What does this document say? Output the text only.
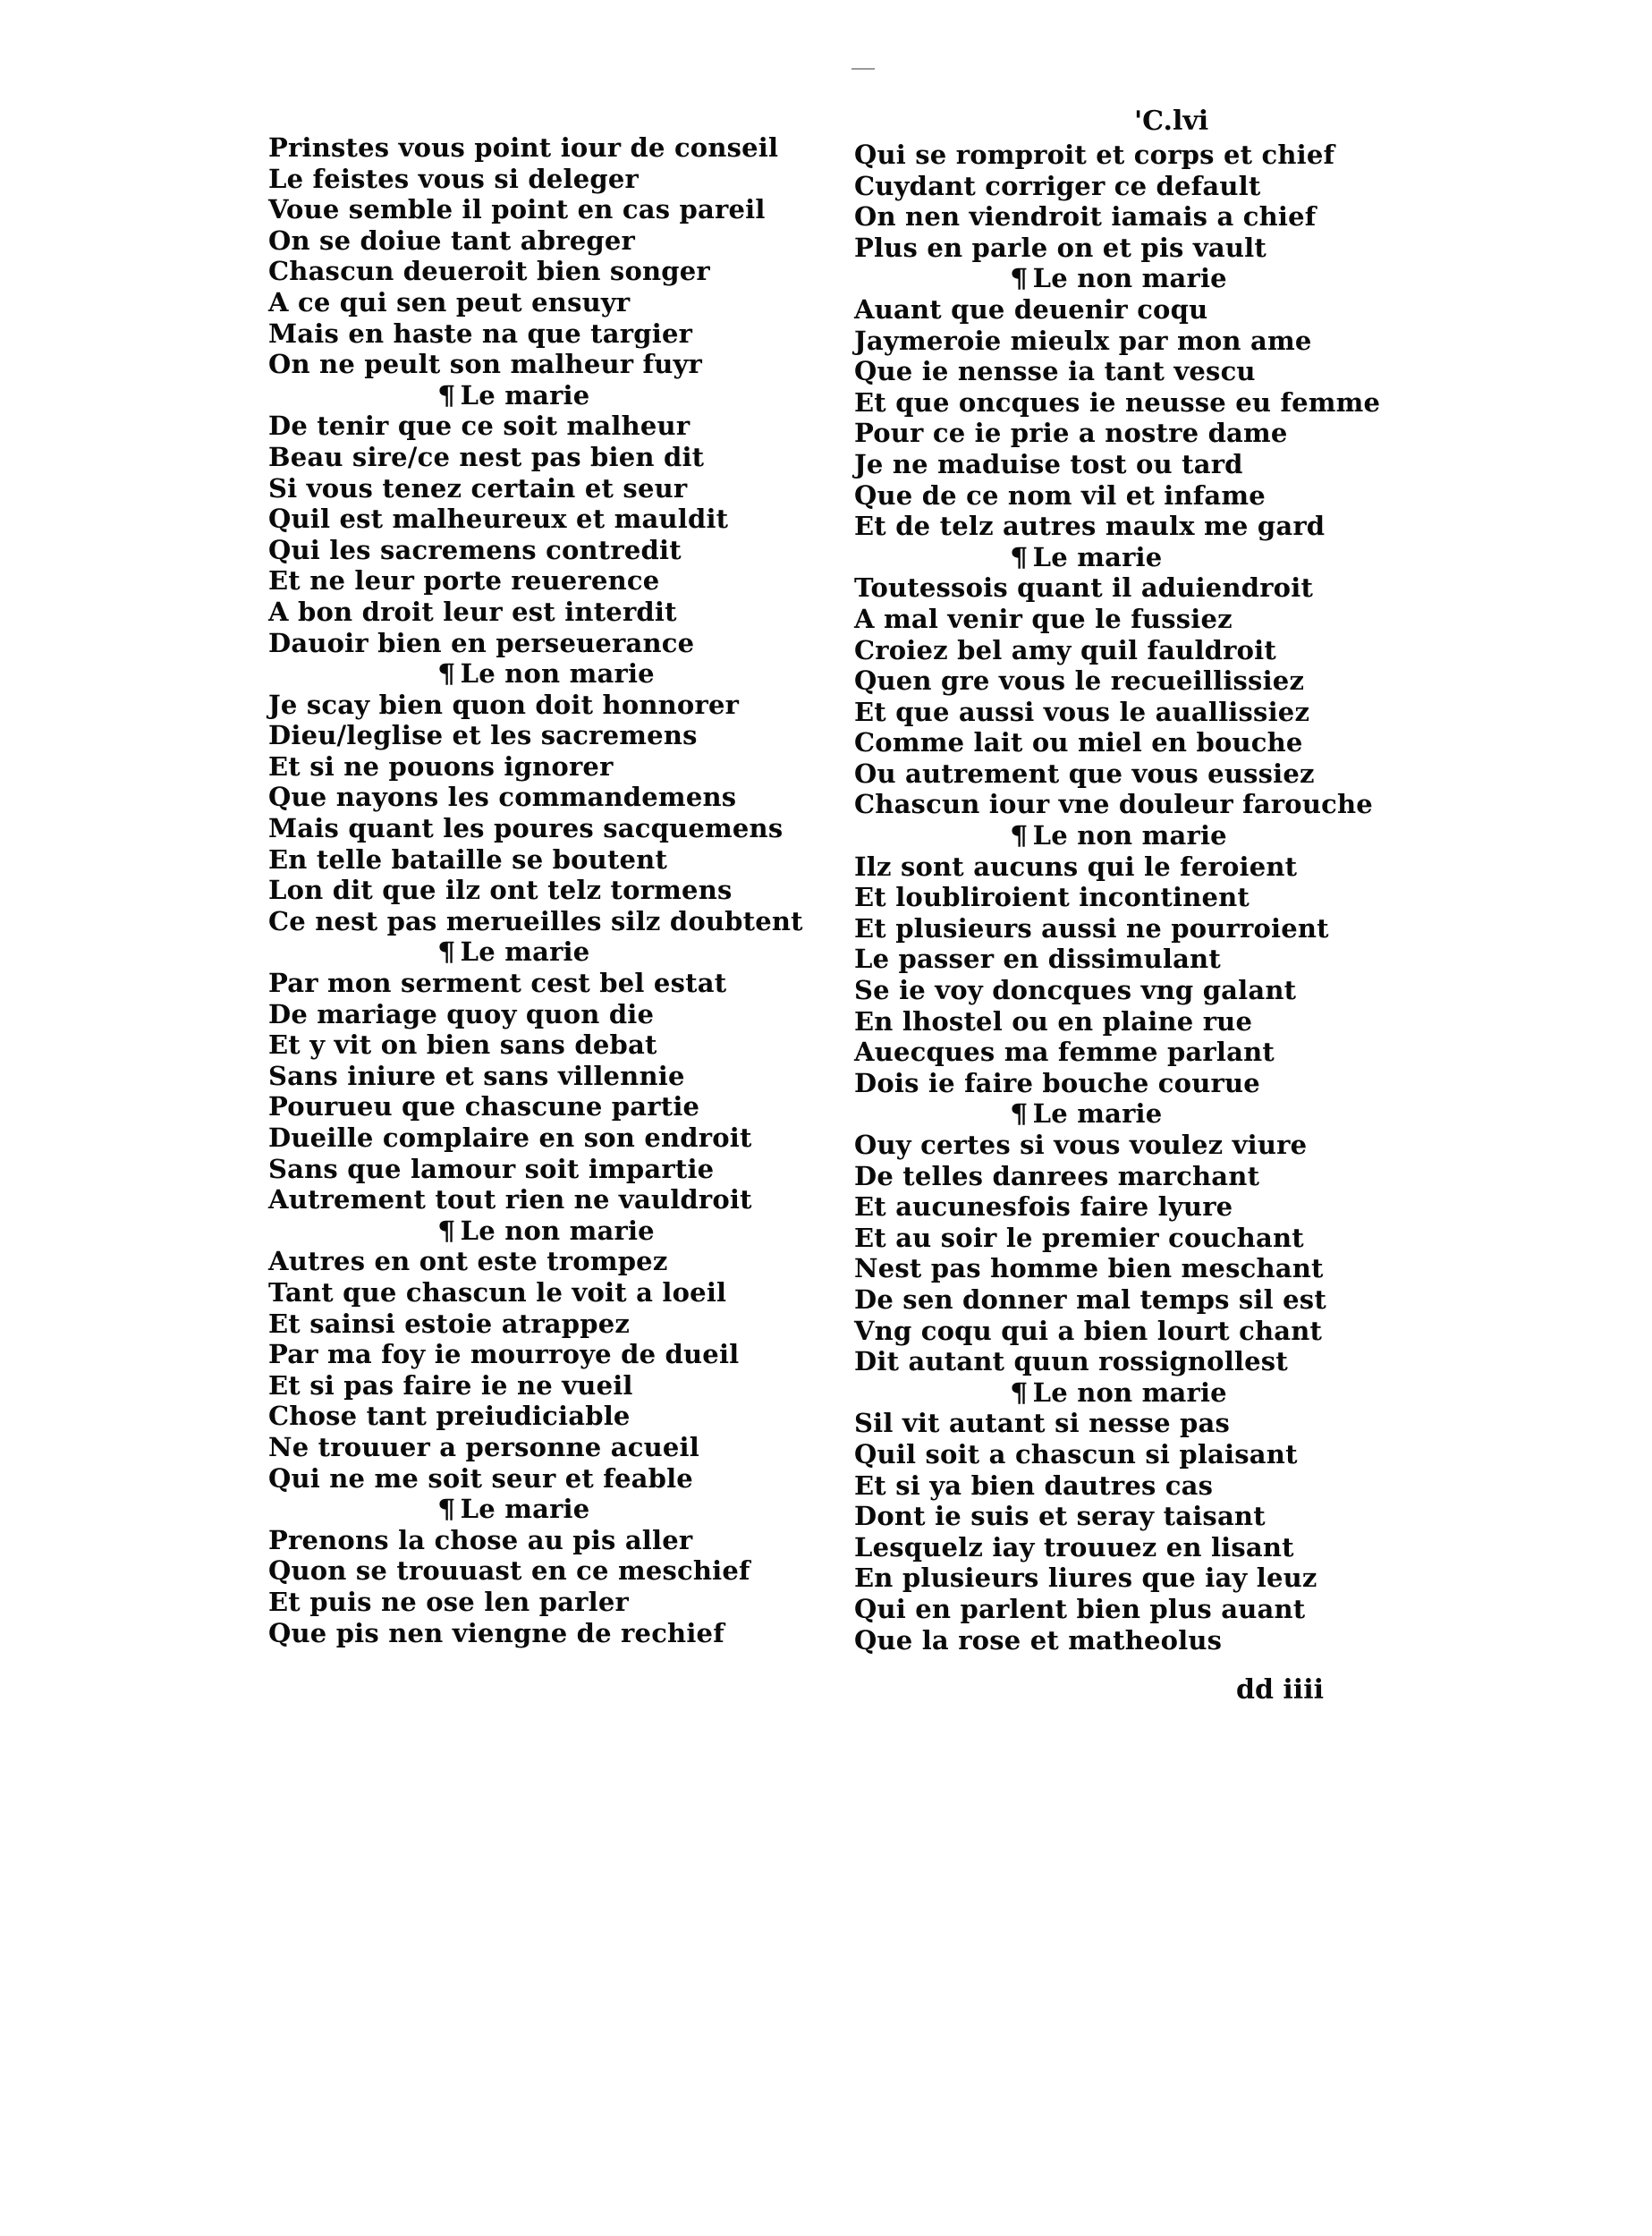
'C.lvi
Prinstes vous point iour de conseil
Le feistes vous si deleger
Voue semble il point en cas pareil
On se doiue tant abreger
Chascun deueroit bien songer
A ce qui sen peut ensuyr
Mais en haste na que targier
On ne peult son malheur fuyr
¶ Le marie
De tenir que ce soit malheur
Beau sire/ce nest pas bien dit
Si vous tenez certain et seur
Quil est malheureux et mauldit
Qui les sacremens contredit
Et ne leur porte reuerence
A bon droit leur est interdit
Dauoir bien en perseuerance
¶ Le non marie
Je scay bien quon doit honnorer
Dieu/leglise et les sacremens
Et si ne pouons ignorer
Que nayons les commandemens
Mais quant les poures sacquemens
En telle bataille se boutent
Lon dit que ilz ont telz tormens
Ce nest pas merueilles silz doubtent
¶ Le marie
Par mon serment cest bel estat
De mariage quoy quon die
Et y vit on bien sans debat
Sans iniure et sans villennie
Pourueu que chascune partie
Dueille complaire en son endroit
Sans que lamour soit impartie
Autrement tout rien ne vauldroit
¶ Le non marie
Autres en ont este trompez
Tant que chascun le voit a loeil
Et sainsi estoie atrappez
Par ma foy ie mourroye de dueil
Et si pas faire ie ne vueil
Chose tant preiudiciable
Ne trouuer a personne acueil
Qui ne me soit seur et feable
¶ Le marie
Prenons la chose au pis aller
Quon se trouuast en ce meschief
Et puis ne ose len parler
Que pis nen viengne de rechief
Qui se romproit et corps et chief
Cuydant corriger ce default
On nen viendroit iamais a chief
Plus en parle on et pis vault
¶ Le non marie
Auant que deuenir coqu
Jaymeroie mieulx par mon ame
Que ie nensse ia tant vescu
Et que oncques ie neusse eu femme
Pour ce ie prie a nostre dame
Je ne maduise tost ou tard
Que de ce nom vil et infame
Et de telz autres maulx me gard
¶ Le marie
Toutessois quant il aduiendroit
A mal venir que le fussiez
Croiez bel amy quil fauldroit
Quen gre vous le recueillissiez
Et que aussi vous le auallissiez
Comme lait ou miel en bouche
Ou autrement que vous eussiez
Chascun iour vne douleur farouche
¶ Le non marie
Ilz sont aucuns qui le feroient
Et loubliroient incontinent
Et plusieurs aussi ne pourroient
Le passer en dissimulant
Se ie voy doncques vng galant
En lhostel ou en plaine rue
Auecques ma femme parlant
Dois ie faire bouche courue
¶ Le marie
Ouy certes si vous voulez viure
De telles danrees marchant
Et aucunesfois faire lyure
Et au soir le premier couchant
Nest pas homme bien meschant
De sen donner mal temps sil est
Vng coqu qui a bien lourt chant
Dit autant quun rossignollest
¶ Le non marie
Sil vit autant si nesse pas
Quil soit a chascun si plaisant
Et si ya bien dautres cas
Dont ie suis et seray taisant
Lesquelz iay trouuez en lisant
En plusieurs liures que iay leuz
Qui en parlent bien plus auant
Que la rose et matheolus
dd iiii
